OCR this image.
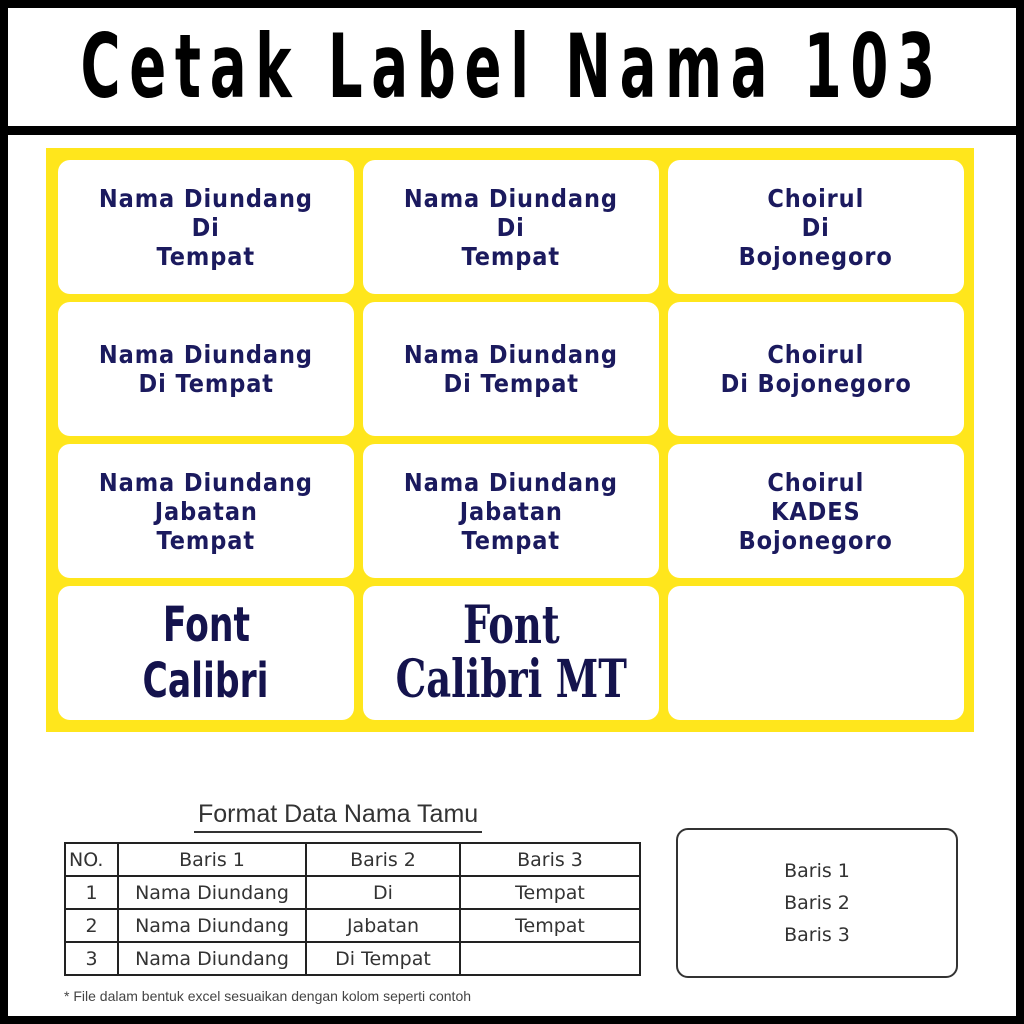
Cetak Label Nama 103
Nama Diundang
Di
Tempat
Nama Diundang
Di
Tempat
Choirul
Di
Bojonegoro
Nama Diundang
Di Tempat
Nama Diundang
Di Tempat
Choirul
Di Bojonegoro
Nama Diundang
Jabatan
Tempat
Nama Diundang
Jabatan
Tempat
Choirul
KADES
Bojonegoro
Font
Calibri
Font
Calibri MT
Format Data Nama Tamu
NO.	Baris 1	Baris 2	Baris 3
1	Nama Diundang	Di	Tempat
2	Nama Diundang	Jabatan	Tempat
3	Nama Diundang	Di Tempat	
Baris 1
Baris 2
Baris 3
* File dalam bentuk excel sesuaikan dengan kolom seperti contoh
